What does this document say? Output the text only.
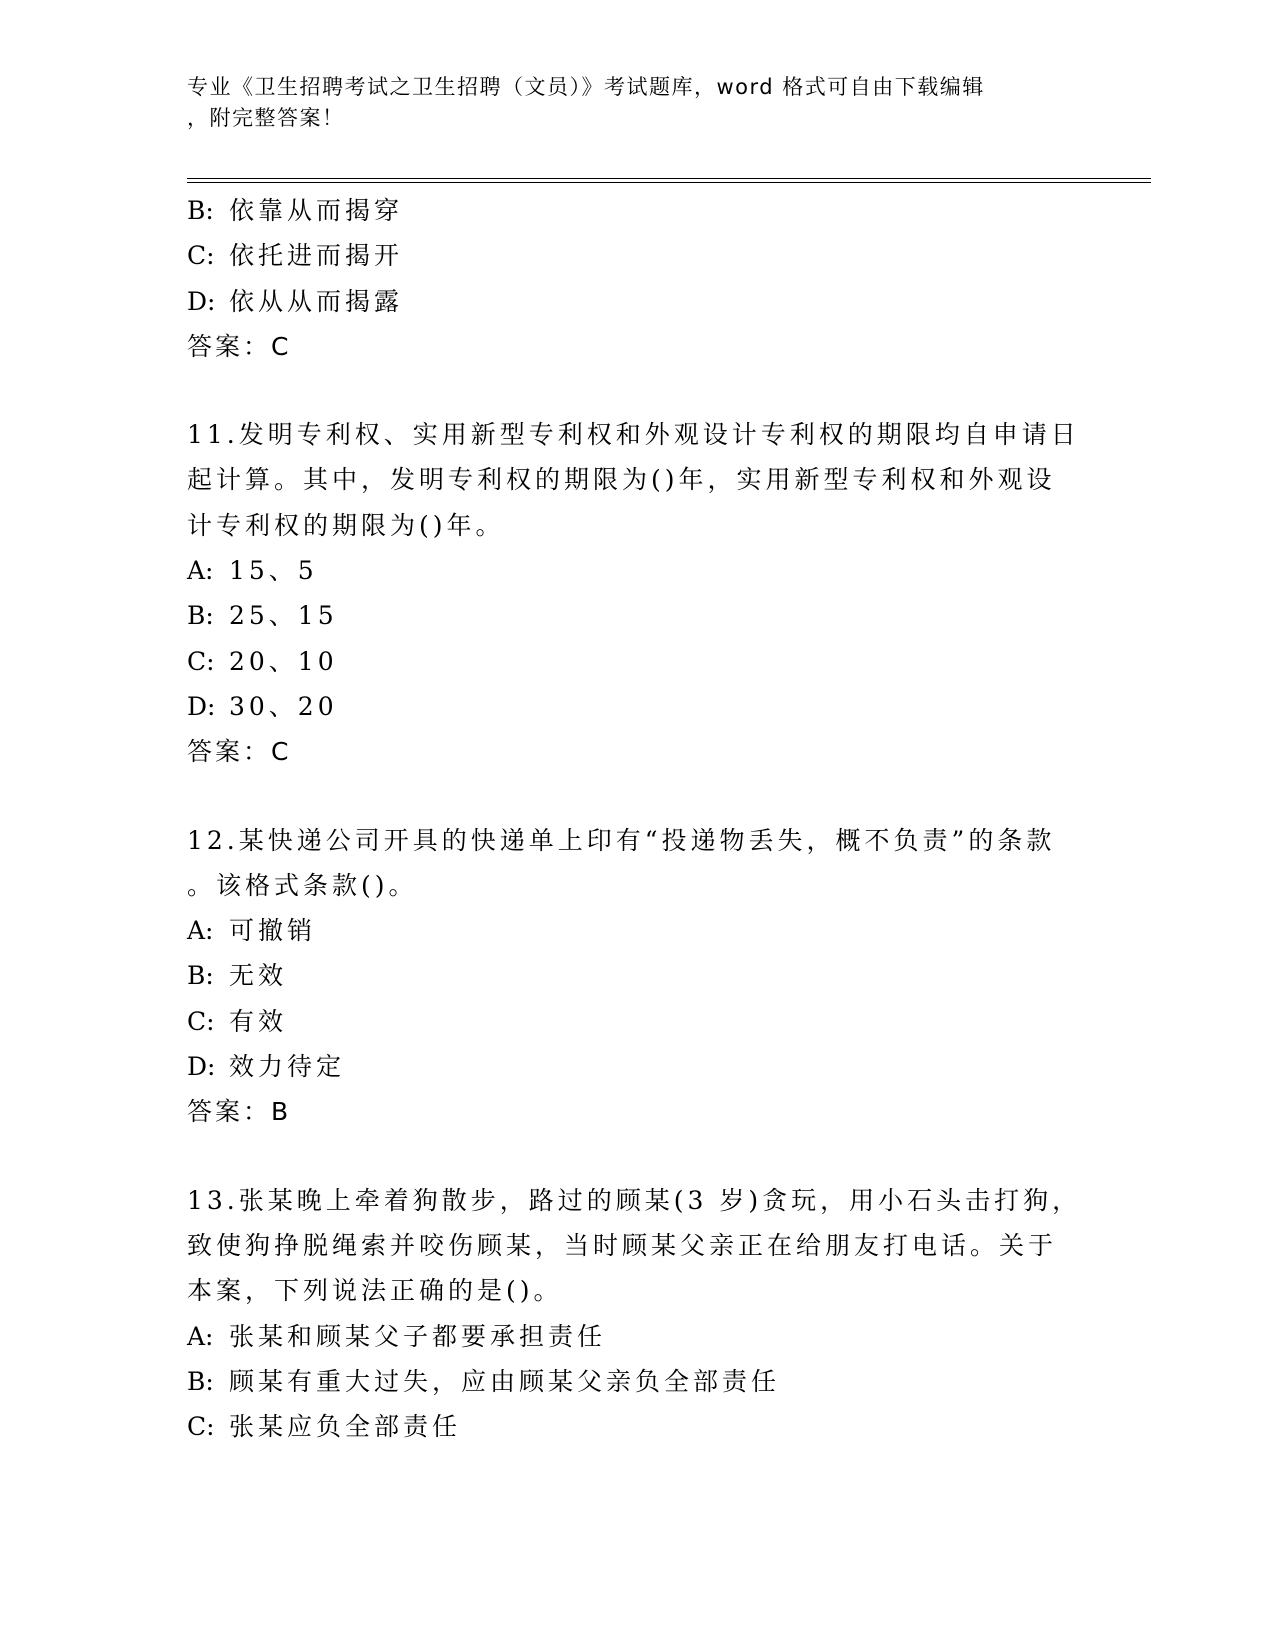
专业《卫生招聘考试之卫生招聘（文员）》考试题库，word 格式可自由下载编辑
，附完整答案！
B: 依靠从而揭穿
C: 依托进而揭开
D: 依从从而揭露
答案：C
11.发明专利权、实用新型专利权和外观设计专利权的期限均自申请日
起计算。其中，发明专利权的期限为()年，实用新型专利权和外观设
计专利权的期限为()年。
A: 15、5
B: 25、15
C: 20、10
D: 30、20
答案：C
12.某快递公司开具的快递单上印有“投递物丢失，概不负责”的条款
。该格式条款()。
A: 可撤销
B: 无效
C: 有效
D: 效力待定
答案：B
13.张某晚上牵着狗散步，路过的顾某(3 岁)贪玩，用小石头击打狗，
致使狗挣脱绳索并咬伤顾某，当时顾某父亲正在给朋友打电话。关于
本案，下列说法正确的是()。
A: 张某和顾某父子都要承担责任
B: 顾某有重大过失，应由顾某父亲负全部责任
C: 张某应负全部责任
